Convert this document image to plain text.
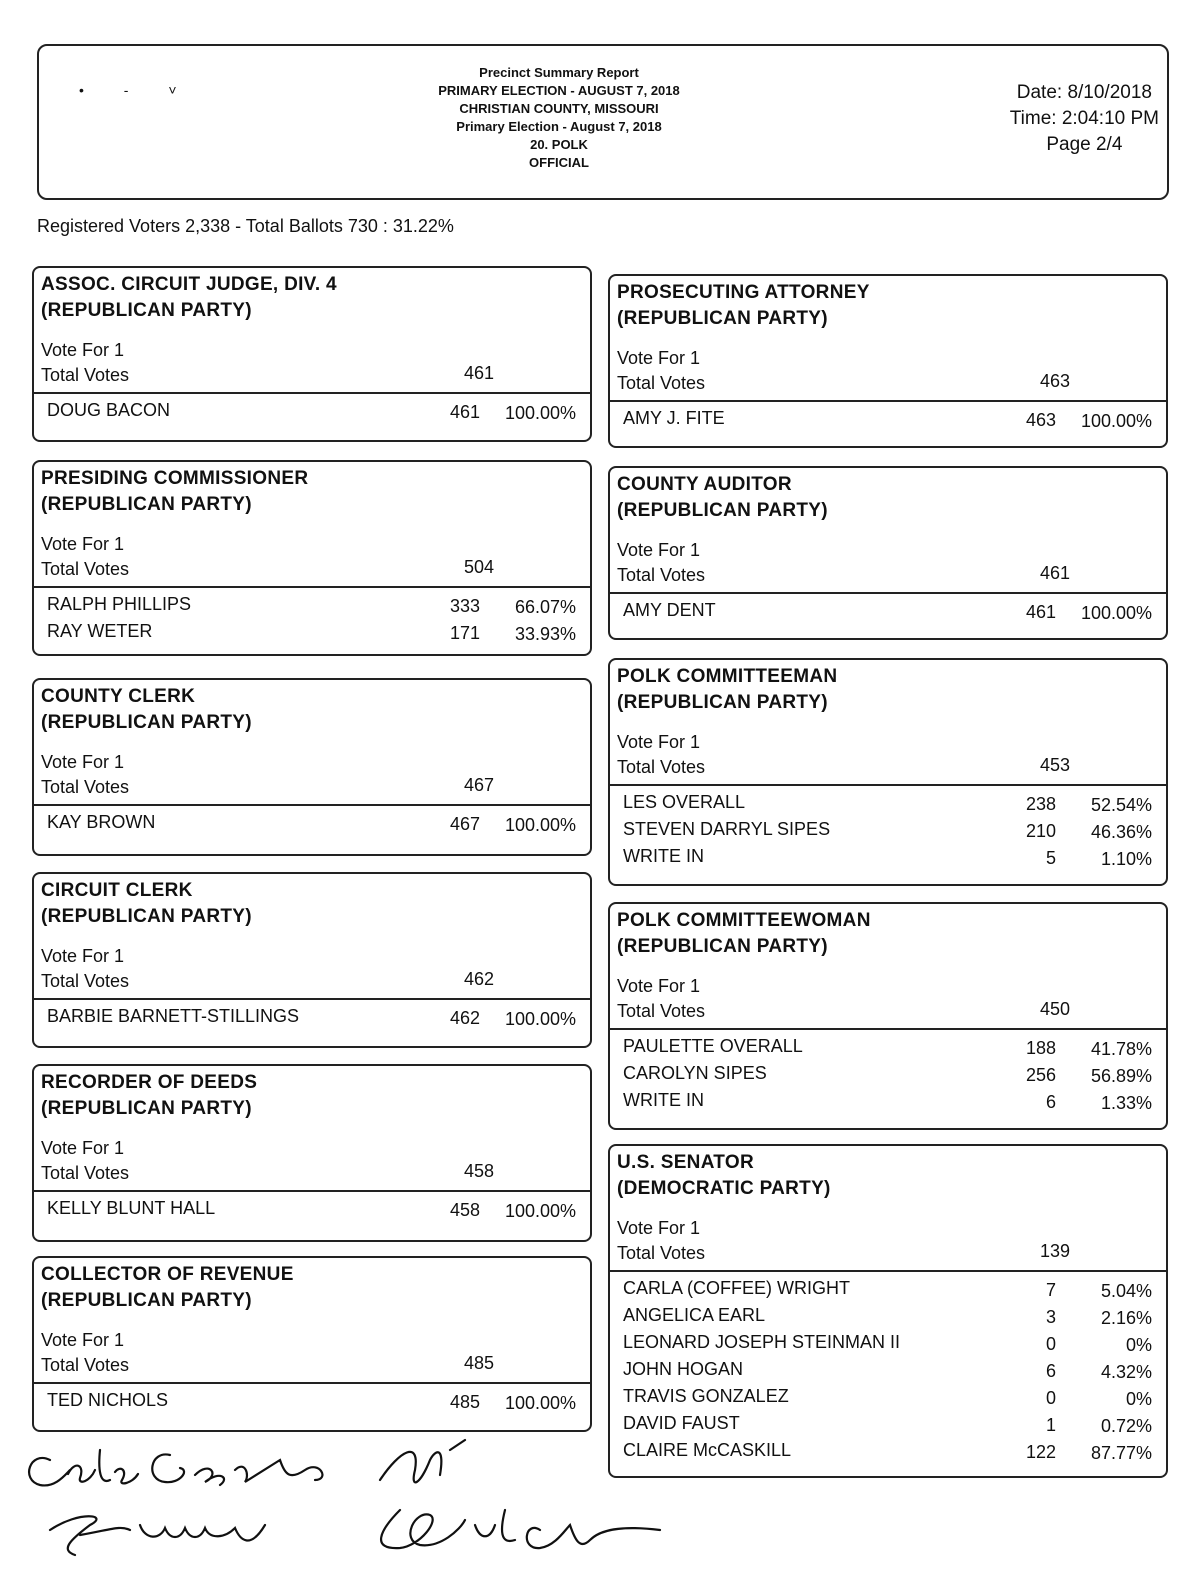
• - ˅
Precinct Summary Report
PRIMARY ELECTION - AUGUST 7, 2018
CHRISTIAN COUNTY, MISSOURI
Primary Election - August 7, 2018
20. POLK
OFFICIAL
Date: 8/10/2018
Time: 2:04:10 PM
Page 2/4
Registered Voters 2,338 - Total Ballots 730 : 31.22%
ASSOC. CIRCUIT JUDGE, DIV. 4
(REPUBLICAN PARTY)
Vote For 1
Total Votes	461
DOUG BACON	461	100.00%
PRESIDING COMMISSIONER
(REPUBLICAN PARTY)
Vote For 1
Total Votes	504
RALPH PHILLIPS	333	66.07%
RAY WETER	171	33.93%
COUNTY CLERK
(REPUBLICAN PARTY)
Vote For 1
Total Votes	467
KAY BROWN	467	100.00%
CIRCUIT CLERK
(REPUBLICAN PARTY)
Vote For 1
Total Votes	462
BARBIE BARNETT-STILLINGS	462	100.00%
RECORDER OF DEEDS
(REPUBLICAN PARTY)
Vote For 1
Total Votes	458
KELLY BLUNT HALL	458	100.00%
COLLECTOR OF REVENUE
(REPUBLICAN PARTY)
Vote For 1
Total Votes	485
TED NICHOLS	485	100.00%
PROSECUTING ATTORNEY
(REPUBLICAN PARTY)
Vote For 1
Total Votes	463
AMY J. FITE	463	100.00%
COUNTY AUDITOR
(REPUBLICAN PARTY)
Vote For 1
Total Votes	461
AMY DENT	461	100.00%
POLK COMMITTEEMAN
(REPUBLICAN PARTY)
Vote For 1
Total Votes	453
LES OVERALL	238	52.54%
STEVEN DARRYL SIPES	210	46.36%
WRITE IN	5	1.10%
POLK COMMITTEEWOMAN
(REPUBLICAN PARTY)
Vote For 1
Total Votes	450
PAULETTE OVERALL	188	41.78%
CAROLYN SIPES	256	56.89%
WRITE IN	6	1.33%
U.S. SENATOR
(DEMOCRATIC PARTY)
Vote For 1
Total Votes	139
CARLA (COFFEE) WRIGHT	7	5.04%
ANGELICA EARL	3	2.16%
LEONARD JOSEPH STEINMAN II	0	0%
JOHN HOGAN	6	4.32%
TRAVIS GONZALEZ	0	0%
DAVID FAUST	1	0.72%
CLAIRE McCASKILL	122	87.77%
